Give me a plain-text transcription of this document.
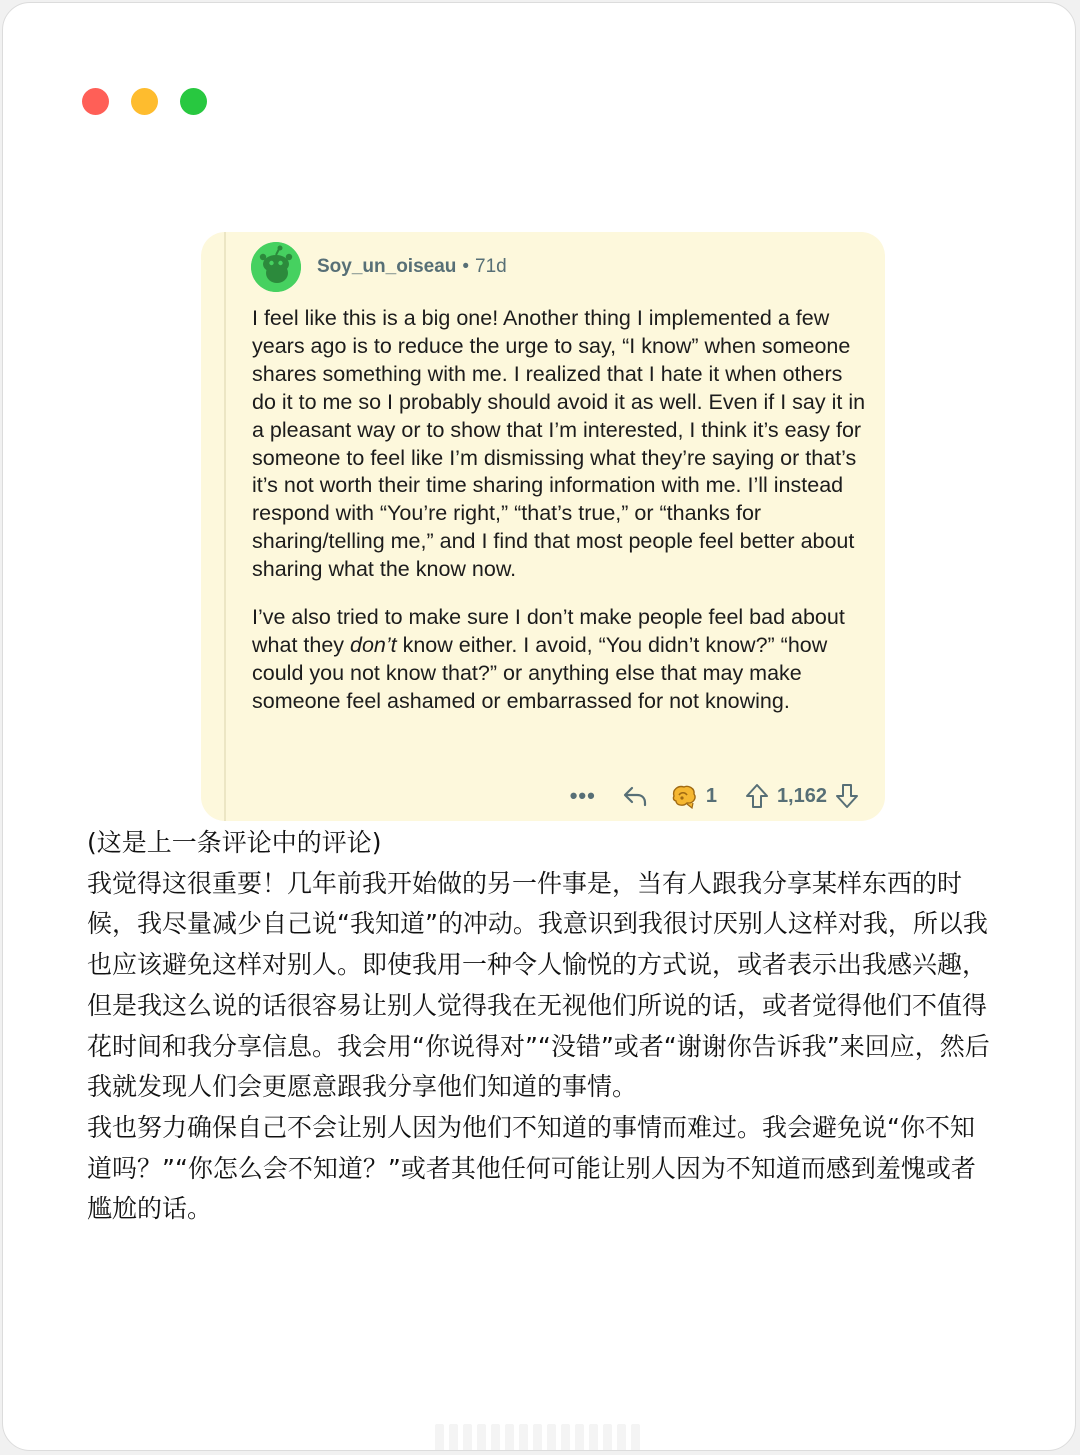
Soy_un_oiseau • 71d

I feel like this is a big one! Another thing I implemented a few years ago is to reduce the urge to say, “I know” when someone shares something with me. I realized that I hate it when others do it to me so I probably should avoid it as well. Even if I say it in a pleasant way or to show that I’m interested, I think it’s easy for someone to feel like I’m dismissing what they’re saying or that’s it’s not worth their time sharing information with me. I’ll instead respond with “You’re right,” “that’s true,” or “thanks for sharing/telling me,” and I find that most people feel better about sharing what the know now.

I’ve also tried to make sure I don’t make people feel bad about what they don’t know either. I avoid, “You didn’t know?” “how could you not know that?” or anything else that may make someone feel ashamed or embarrassed for not knowing.

•••	1	1,162

(这是上一条评论中的评论)

我觉得这很重要！几年前我开始做的另一件事是，当有人跟我分享某样东西的时候，我尽量减少自己说“我知道”的冲动。我意识到我很讨厌别人这样对我，所以我也应该避免这样对别人。即使我用一种令人愉悦的方式说，或者表示出我感兴趣，但是我这么说的话很容易让别人觉得我在无视他们所说的话，或者觉得他们不值得花时间和我分享信息。我会用“你说得对”“没错”或者“谢谢你告诉我”来回应，然后我就发现人们会更愿意跟我分享他们知道的事情。

我也努力确保自己不会让别人因为他们不知道的事情而难过。我会避免说“你不知道吗？”“你怎么会不知道？”或者其他任何可能让别人因为不知道而感到羞愧或者尴尬的话。
